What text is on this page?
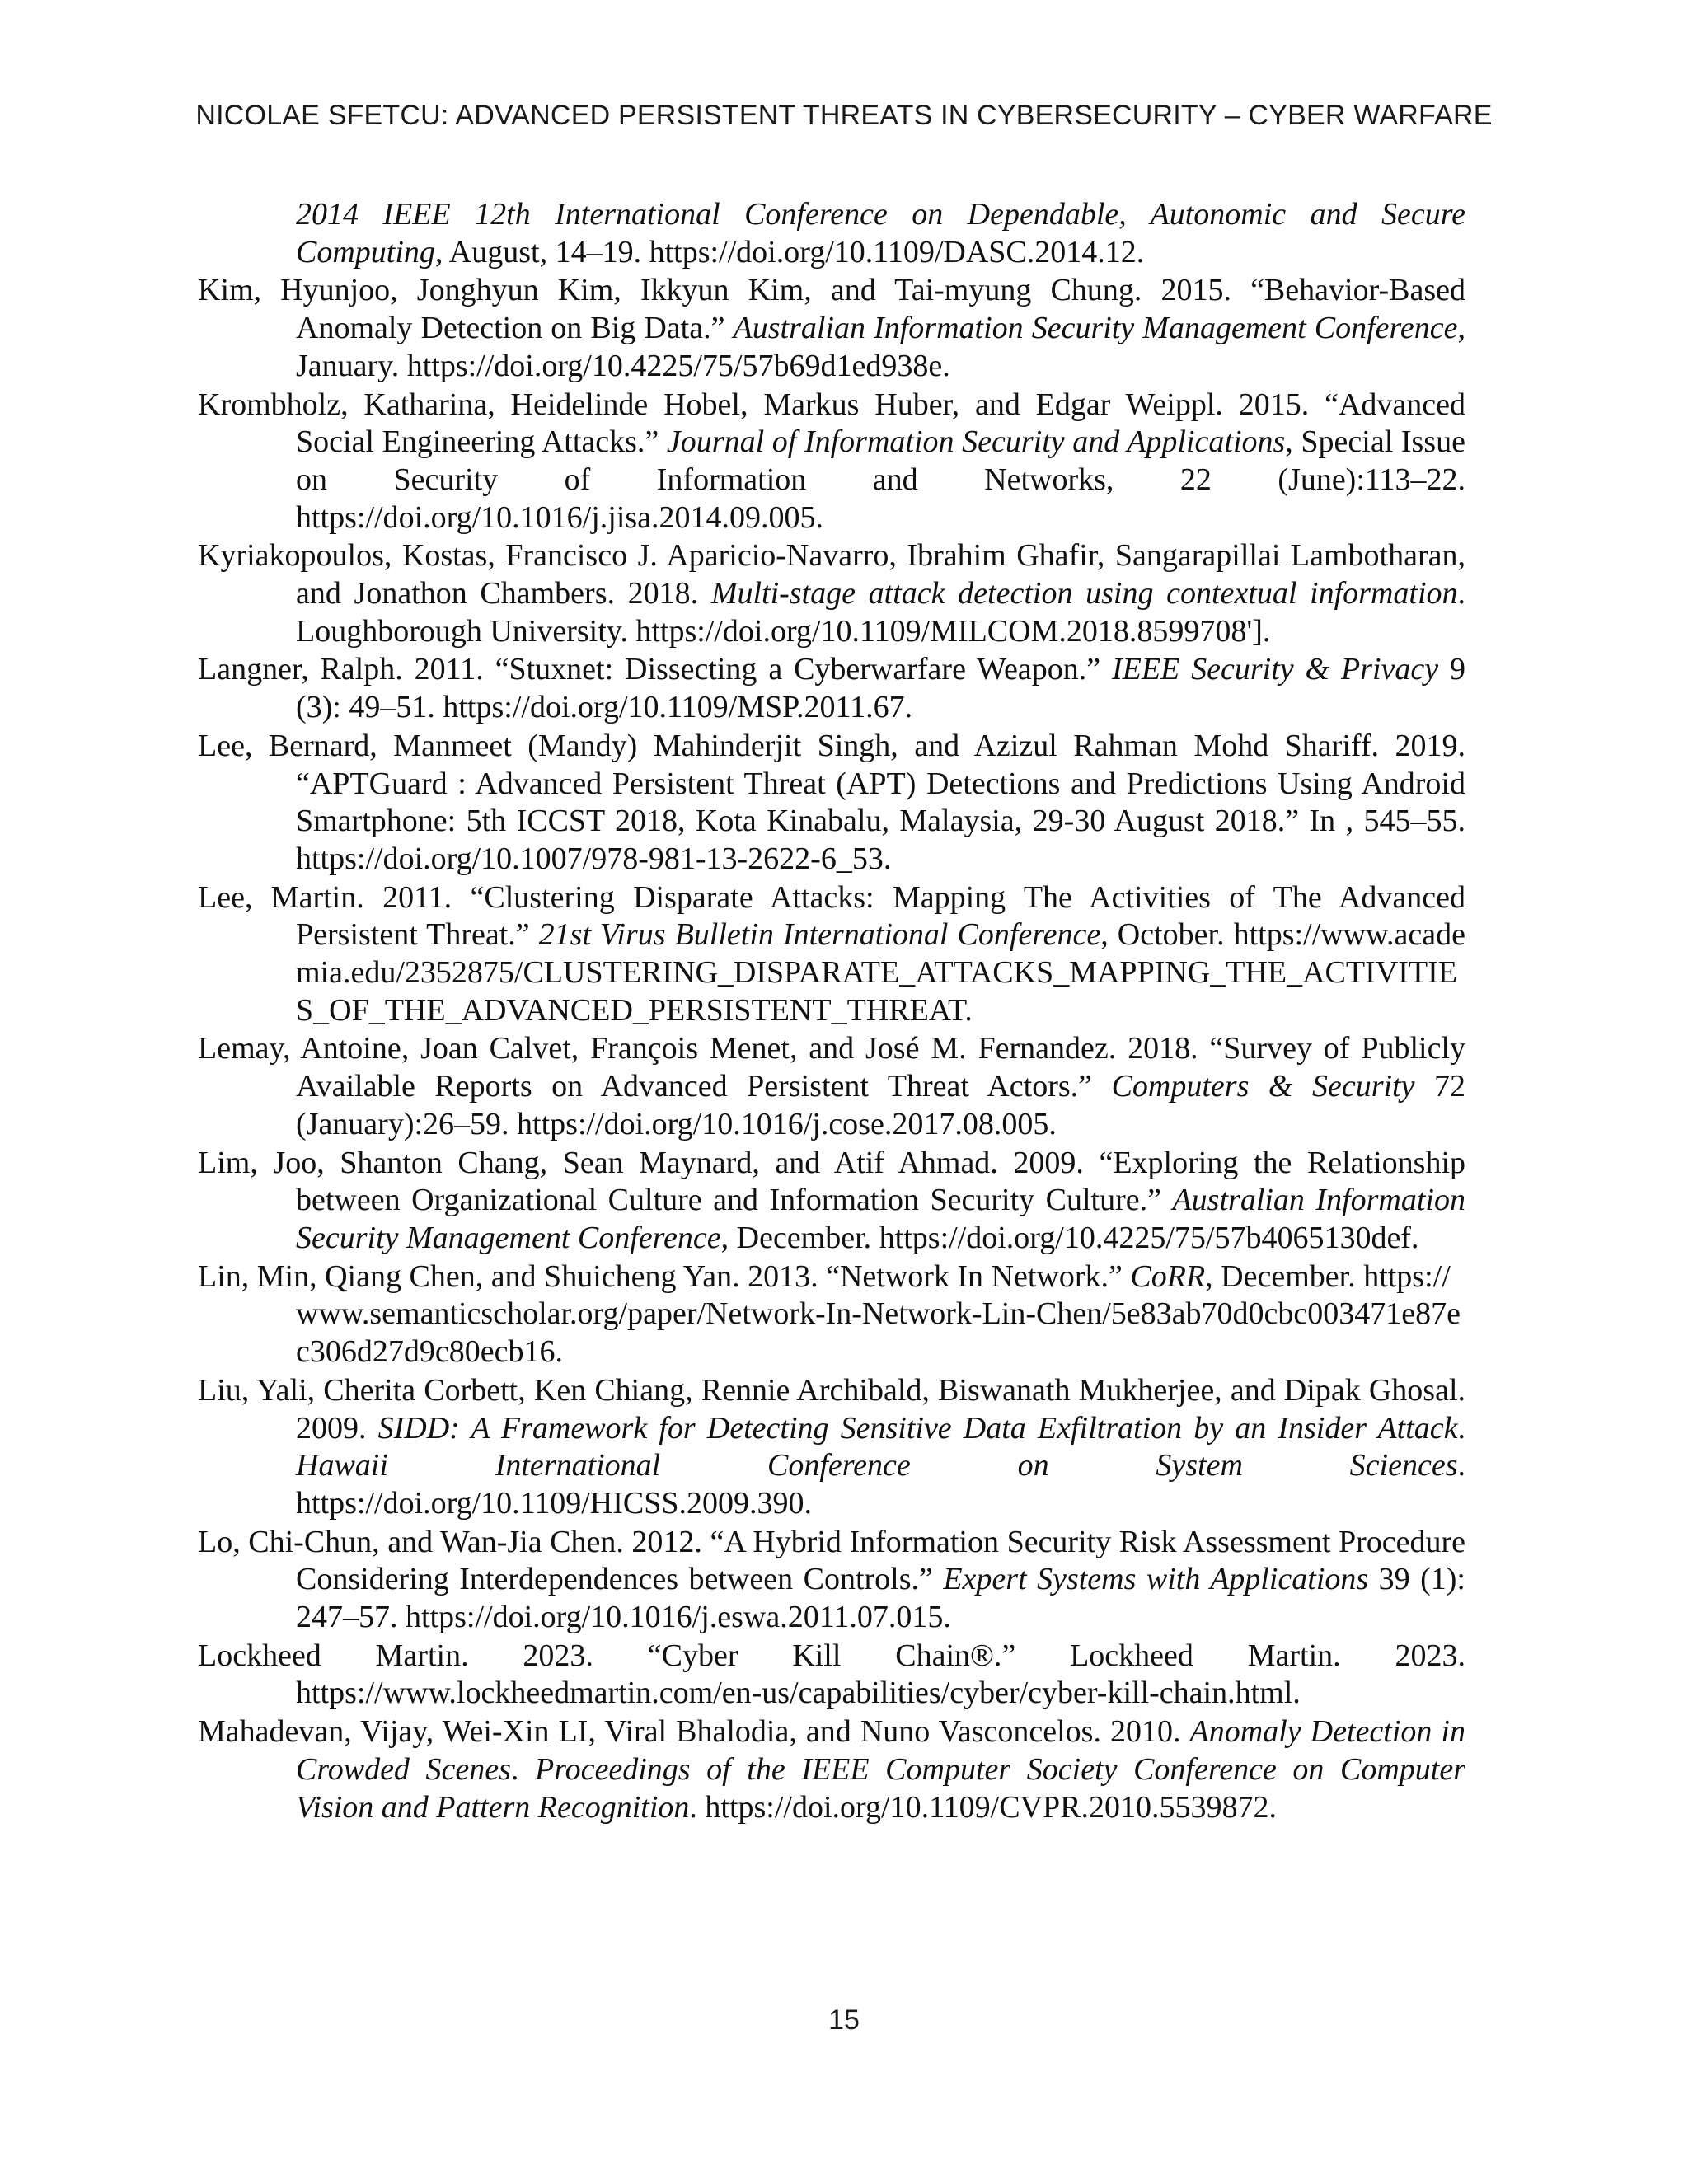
NICOLAE SFETCU: ADVANCED PERSISTENT THREATS IN CYBERSECURITY – CYBER WARFARE

2014 IEEE 12th International Conference on Dependable, Autonomic and Secure Computing, August, 14–19. https://doi.org/10.1109/DASC.2014.12.

Kim, Hyunjoo, Jonghyun Kim, Ikkyun Kim, and Tai-myung Chung. 2015. “Behavior-Based Anomaly Detection on Big Data.” Australian Information Security Management Conference, January. https://doi.org/10.4225/75/57b69d1ed938e.

Krombholz, Katharina, Heidelinde Hobel, Markus Huber, and Edgar Weippl. 2015. “Advanced Social Engineering Attacks.” Journal of Information Security and Applications, Special Issue on Security of Information and Networks, 22 (June):113–22. https://doi.org/10.1016/j.jisa.2014.09.005.

Kyriakopoulos, Kostas, Francisco J. Aparicio-Navarro, Ibrahim Ghafir, Sangarapillai Lambotharan, and Jonathon Chambers. 2018. Multi-stage attack detection using contextual information. Loughborough University. https://doi.org/10.1109/MILCOM.2018.8599708'].

Langner, Ralph. 2011. “Stuxnet: Dissecting a Cyberwarfare Weapon.” IEEE Security & Privacy 9 (3): 49–51. https://doi.org/10.1109/MSP.2011.67.

Lee, Bernard, Manmeet (Mandy) Mahinderjit Singh, and Azizul Rahman Mohd Shariff. 2019. “APTGuard : Advanced Persistent Threat (APT) Detections and Predictions Using Android Smartphone: 5th ICCST 2018, Kota Kinabalu, Malaysia, 29-30 August 2018.” In , 545–55. https://doi.org/10.1007/978-981-13-2622-6_53.

Lee, Martin. 2011. “Clustering Disparate Attacks: Mapping The Activities of The Advanced Persistent Threat.” 21st Virus Bulletin International Conference, October. https://www.academia.edu/2352875/CLUSTERING_DISPARATE_ATTACKS_MAPPING_THE_ACTIVITIES_OF_THE_ADVANCED_PERSISTENT_THREAT.

Lemay, Antoine, Joan Calvet, François Menet, and José M. Fernandez. 2018. “Survey of Publicly Available Reports on Advanced Persistent Threat Actors.” Computers & Security 72 (January):26–59. https://doi.org/10.1016/j.cose.2017.08.005.

Lim, Joo, Shanton Chang, Sean Maynard, and Atif Ahmad. 2009. “Exploring the Relationship between Organizational Culture and Information Security Culture.” Australian Information Security Management Conference, December. https://doi.org/10.4225/75/57b4065130def.

Lin, Min, Qiang Chen, and Shuicheng Yan. 2013. “Network In Network.” CoRR, December. https://www.semanticscholar.org/paper/Network-In-Network-Lin-Chen/5e83ab70d0cbc003471e87ec306d27d9c80ecb16.

Liu, Yali, Cherita Corbett, Ken Chiang, Rennie Archibald, Biswanath Mukherjee, and Dipak Ghosal. 2009. SIDD: A Framework for Detecting Sensitive Data Exfiltration by an Insider Attack. Hawaii International Conference on System Sciences. https://doi.org/10.1109/HICSS.2009.390.

Lo, Chi-Chun, and Wan-Jia Chen. 2012. “A Hybrid Information Security Risk Assessment Procedure Considering Interdependences between Controls.” Expert Systems with Applications 39 (1): 247–57. https://doi.org/10.1016/j.eswa.2011.07.015.

Lockheed Martin. 2023. “Cyber Kill Chain®.” Lockheed Martin. 2023. https://www.lockheedmartin.com/en-us/capabilities/cyber/cyber-kill-chain.html.

Mahadevan, Vijay, Wei-Xin LI, Viral Bhalodia, and Nuno Vasconcelos. 2010. Anomaly Detection in Crowded Scenes. Proceedings of the IEEE Computer Society Conference on Computer Vision and Pattern Recognition. https://doi.org/10.1109/CVPR.2010.5539872.

15
